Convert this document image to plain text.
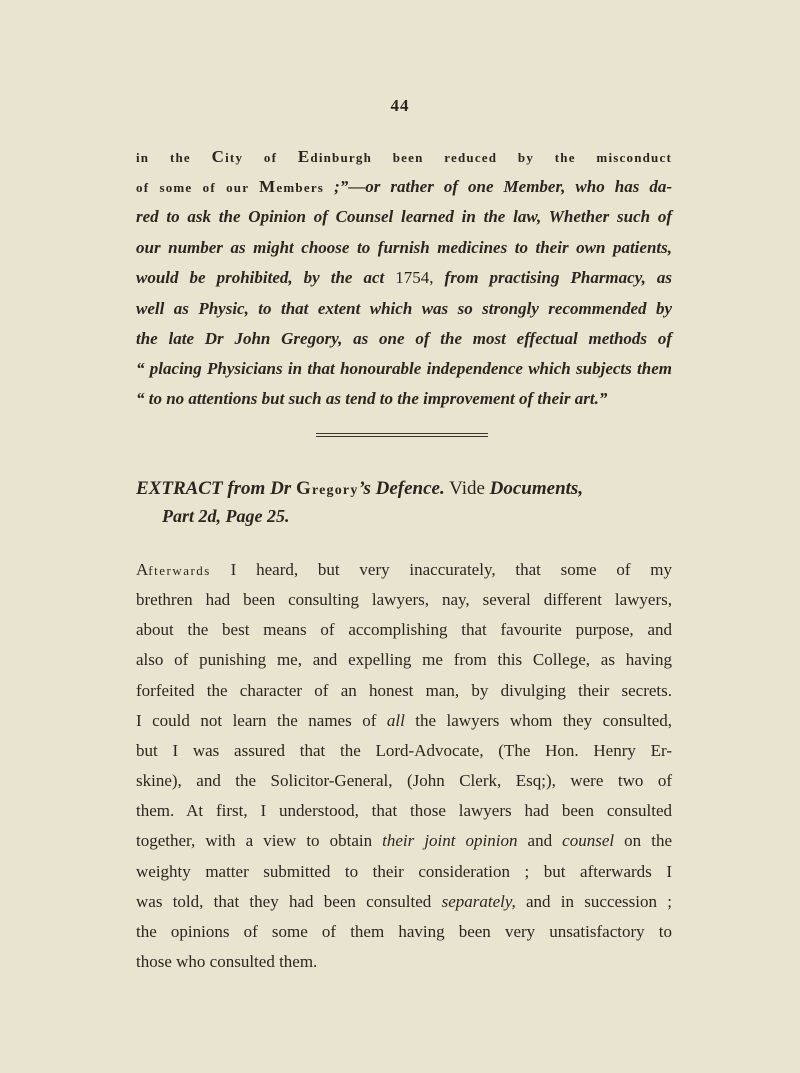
44
in the City of Edinburgh been reduced by the misconduct
of some of our Members ;”—or rather of one Member, who has da-
red to ask the Opinion of Counsel learned in the law, Whether such of
our number as might choose to furnish medicines to their own patients,
would be prohibited, by the act 1754, from practising Pharmacy, as
well as Physic, to that extent which was so strongly recommended by
the late Dr John Gregory, as one of the most effectual methods of
“ placing Physicians in that honourable independence which subjects them
“ to no attentions but such as tend to the improvement of their art.”
EXTRACT from Dr Gregory’s Defence. Vide Documents,
Part 2d, Page 25.
Afterwards I heard, but very inaccurately, that some of my
brethren had been consulting lawyers, nay, several different lawyers,
about the best means of accomplishing that favourite purpose, and
also of punishing me, and expelling me from this College, as having
forfeited the character of an honest man, by divulging their secrets.
I could not learn the names of all the lawyers whom they consulted,
but I was assured that the Lord-Advocate, (The Hon. Henry Er-
skine), and the Solicitor-General, (John Clerk, Esq;), were two of
them. At first, I understood, that those lawyers had been consulted
together, with a view to obtain their joint opinion and counsel on the
weighty matter submitted to their consideration ; but afterwards I
was told, that they had been consulted separately, and in succession ;
the opinions of some of them having been very unsatisfactory to
those who consulted them.
